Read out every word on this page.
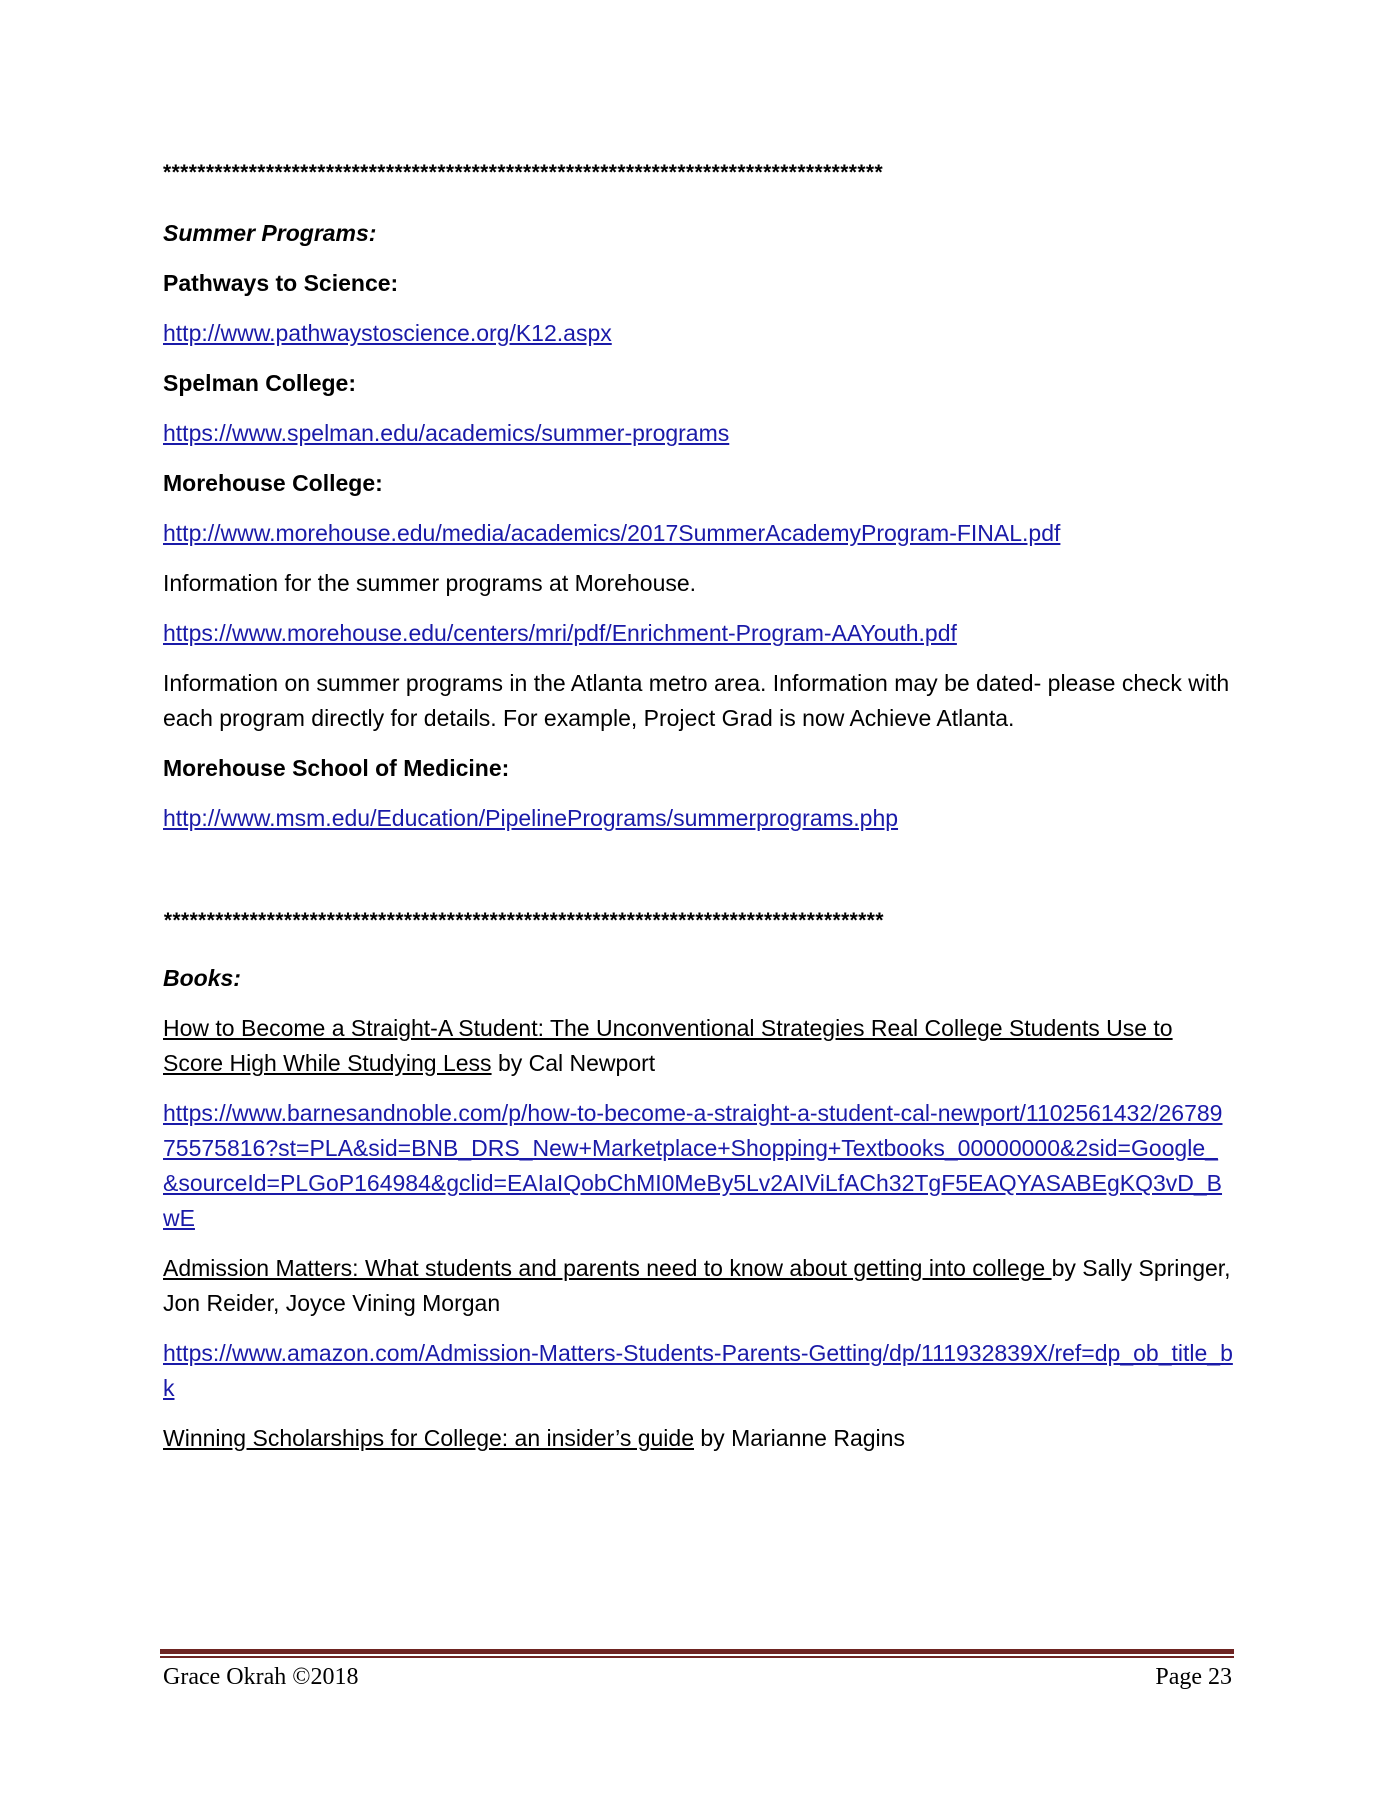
************************************************************************************

Summer Programs:

Pathways to Science:

http://www.pathwaystoscience.org/K12.aspx

Spelman College:

https://www.spelman.edu/academics/summer-programs

Morehouse College:

http://www.morehouse.edu/media/academics/2017SummerAcademyProgram-FINAL.pdf

Information for the summer programs at Morehouse.

https://www.morehouse.edu/centers/mri/pdf/Enrichment-Program-AAYouth.pdf

Information on summer programs in the Atlanta metro area. Information may be dated- please check with each program directly for details. For example, Project Grad is now Achieve Atlanta.

Morehouse School of Medicine:

http://www.msm.edu/Education/PipelinePrograms/summerprograms.php

************************************************************************************

Books:

How to Become a Straight-A Student: The Unconventional Strategies Real College Students Use to Score High While Studying Less by Cal Newport

https://www.barnesandnoble.com/p/how-to-become-a-straight-a-student-cal-newport/1102561432/2678975575816?st=PLA&sid=BNB_DRS_New+Marketplace+Shopping+Textbooks_00000000&2sid=Google_&sourceId=PLGoP164984&gclid=EAIaIQobChMI0MeBy5Lv2AIViLfACh32TgF5EAQYASABEgKQ3vD_BwE

Admission Matters: What students and parents need to know about getting into college by Sally Springer, Jon Reider, Joyce Vining Morgan

https://www.amazon.com/Admission-Matters-Students-Parents-Getting/dp/111932839X/ref=dp_ob_title_bk

Winning Scholarships for College: an insider’s guide by Marianne Ragins

Grace Okrah ©2018	Page 23
